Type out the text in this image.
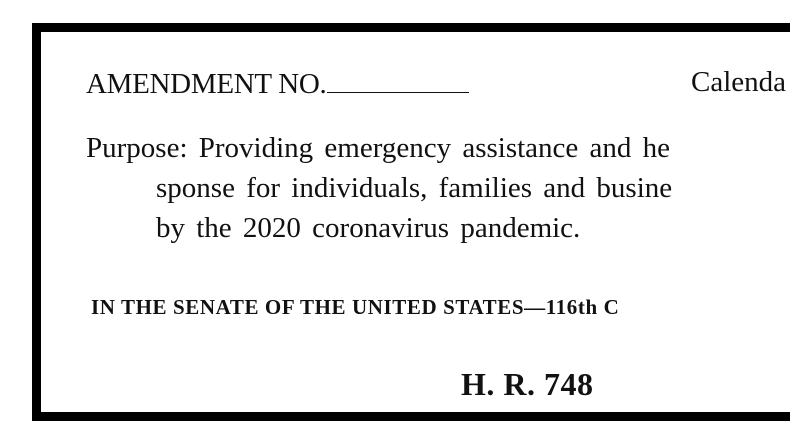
AMENDMENT NO.	Calenda
Purpose: Providing emergency assistance and he
sponse for individuals, families and busine
by the 2020 coronavirus pandemic.
IN THE SENATE OF THE UNITED STATES—116th C
H. R. 748
